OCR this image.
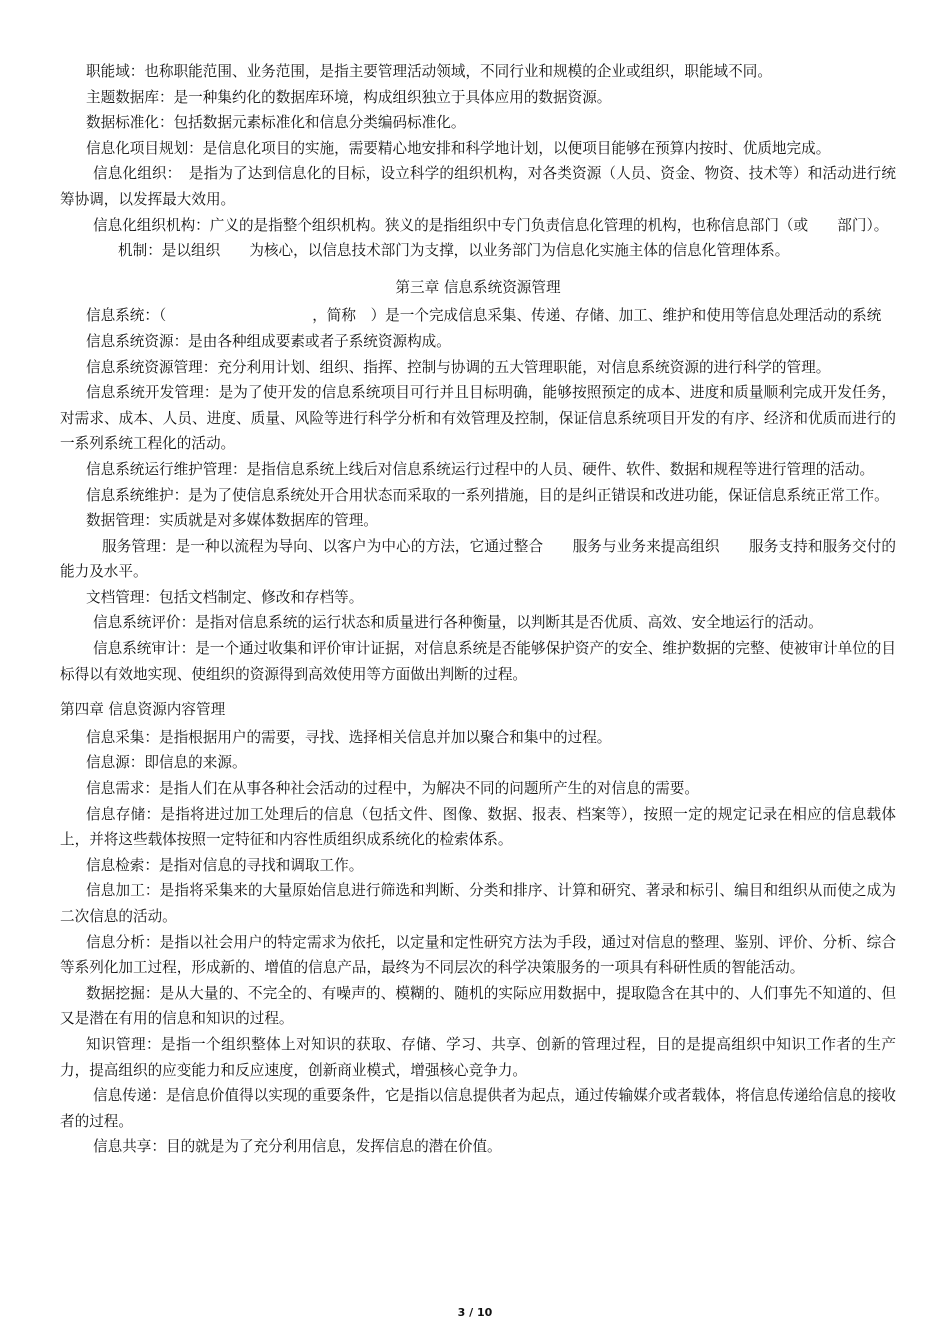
职能域：也称职能范围、业务范围，是指主要管理活动领域，不同行业和规模的企业或组织，职能域不同。

主题数据库：是一种集约化的数据库环境，构成组织独立于具体应用的数据资源。

数据标准化：包括数据元素标准化和信息分类编码标准化。

信息化项目规划：是信息化项目的实施，需要精心地安排和科学地计划，以便项目能够在预算内按时、优质地完成。

信息化组织：　是指为了达到信息化的目标，设立科学的组织机构，对各类资源（人员、资金、物资、技术等）和活动进行统筹协调，以发挥最大效用。

信息化组织机构：广义的是指整个组织机构。狭义的是指组织中专门负责信息化管理的机构，也称信息部门（或　　部门）。

机制：是以组织　　为核心，以信息技术部门为支撑，以业务部门为信息化实施主体的信息化管理体系。

第三章 信息系统资源管理

信息系统：（　　　　　　　　　　，简称　）是一个完成信息采集、传递、存储、加工、维护和使用等信息处理活动的系统

信息系统资源：是由各种组成要素或者子系统资源构成。

信息系统资源管理：充分利用计划、组织、指挥、控制与协调的五大管理职能，对信息系统资源的进行科学的管理。

信息系统开发管理：是为了使开发的信息系统项目可行并且目标明确，能够按照预定的成本、进度和质量顺利完成开发任务，对需求、成本、人员、进度、质量、风险等进行科学分析和有效管理及控制，保证信息系统项目开发的有序、经济和优质而进行的一系列系统工程化的活动。

信息系统运行维护管理：是指信息系统上线后对信息系统运行过程中的人员、硬件、软件、数据和规程等进行管理的活动。

信息系统维护：是为了使信息系统处开合用状态而采取的一系列措施，目的是纠正错误和改进功能，保证信息系统正常工作。

数据管理：实质就是对多媒体数据库的管理。

服务管理：是一种以流程为导向、以客户为中心的方法，它通过整合　　服务与业务来提高组织　　服务支持和服务交付的能力及水平。

文档管理：包括文档制定、修改和存档等。

信息系统评价：是指对信息系统的运行状态和质量进行各种衡量，以判断其是否优质、高效、安全地运行的活动。

信息系统审计：是一个通过收集和评价审计证据，对信息系统是否能够保护资产的安全、维护数据的完整、使被审计单位的目标得以有效地实现、使组织的资源得到高效使用等方面做出判断的过程。

第四章 信息资源内容管理

信息采集：是指根据用户的需要，寻找、选择相关信息并加以聚合和集中的过程。

信息源：即信息的来源。

信息需求：是指人们在从事各种社会活动的过程中，为解决不同的问题所产生的对信息的需要。

信息存储：是指将进过加工处理后的信息（包括文件、图像、数据、报表、档案等），按照一定的规定记录在相应的信息载体上，并将这些载体按照一定特征和内容性质组织成系统化的检索体系。

信息检索：是指对信息的寻找和调取工作。

信息加工：是指将采集来的大量原始信息进行筛选和判断、分类和排序、计算和研究、著录和标引、编目和组织从而使之成为二次信息的活动。

信息分析：是指以社会用户的特定需求为依托，以定量和定性研究方法为手段，通过对信息的整理、鉴别、评价、分析、综合等系列化加工过程，形成新的、增值的信息产品，最终为不同层次的科学决策服务的一项具有科研性质的智能活动。

数据挖掘：是从大量的、不完全的、有噪声的、模糊的、随机的实际应用数据中，提取隐含在其中的、人们事先不知道的、但又是潜在有用的信息和知识的过程。

知识管理：是指一个组织整体上对知识的获取、存储、学习、共享、创新的管理过程，目的是提高组织中知识工作者的生产力，提高组织的应变能力和反应速度，创新商业模式，增强核心竞争力。

信息传递：是信息价值得以实现的重要条件，它是指以信息提供者为起点，通过传输媒介或者载体，将信息传递给信息的接收者的过程。

信息共享：目的就是为了充分利用信息，发挥信息的潜在价值。

3 / 10
